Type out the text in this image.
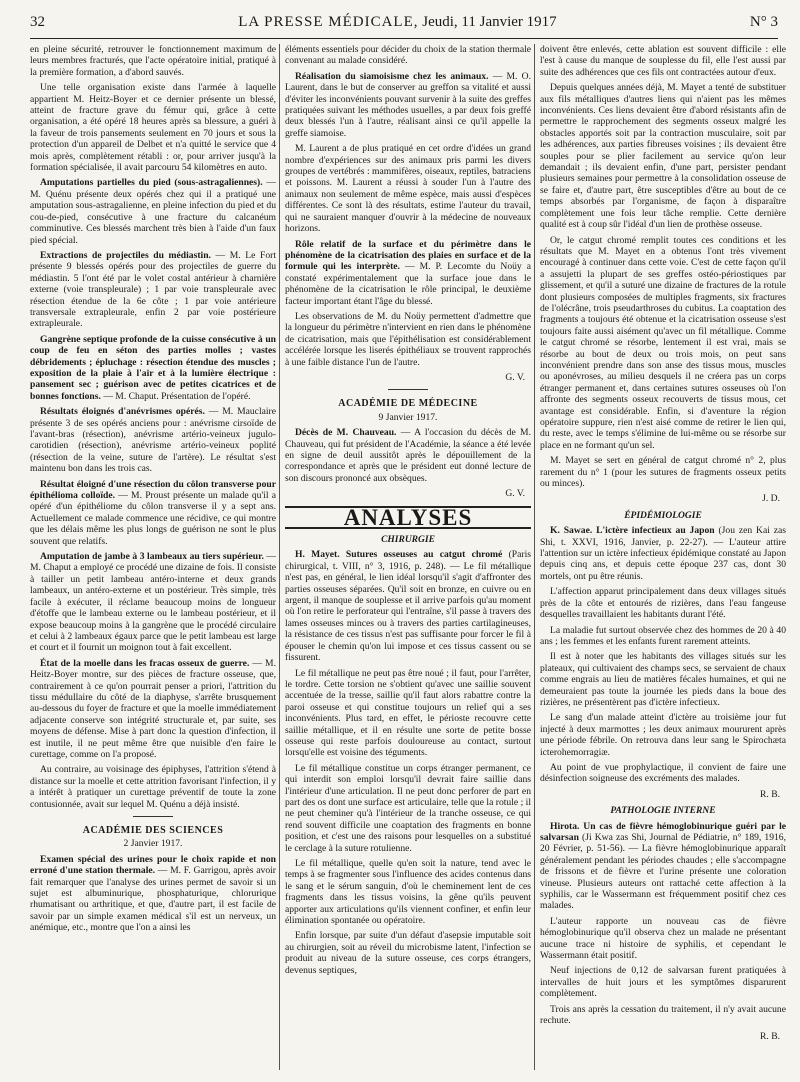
32	LA PRESSE MÉDICALE, Jeudi, 11 Janvier 1917	N° 3

en pleine sécurité, retrouver le fonctionnement maximum de leurs membres fracturés, que l'acte opératoire initial, pratiqué à la première formation, a d'abord sauvés.

Une telle organisation existe dans l'armée à laquelle appartient M. Heitz-Boyer et ce dernier présente un blessé, atteint de fracture grave du fémur qui, grâce à cette organisation, a été opéré 18 heures après sa blessure, a guéri à la faveur de trois pansements seulement en 70 jours et sous la protection d'un appareil de Delbet et n'a quitté le service que 4 mois après, complètement rétabli : or, pour arriver jusqu'à la formation spécialisée, il avait parcouru 54 kilomètres en auto.

Amputations partielles du pied (sous-astragaliennes). — M. Quénu présente deux opérés chez qui il a pratiqué une amputation sous-astragalienne, en pleine infection du pied et du cou-de-pied, consécutive à une fracture du calcanéum comminutive. Ces blessés marchent très bien à l'aide d'un faux pied spécial.

Extractions de projectiles du médiastin. — M. Le Fort présente 9 blessés opérés pour des projectiles de guerre du médiastin. 5 l'ont été par le volet costal antérieur à charnière externe (voie transpleurale) ; 1 par voie transpleurale avec résection étendue de la 6e côte ; 1 par voie antérieure transversale extrapleurale, enfin 2 par voie postérieure extrapleurale.

Gangrène septique profonde de la cuisse consécutive à un coup de feu en séton des parties molles ; vastes débridements ; épluchage : résection étendue des muscles ; exposition de la plaie à l'air et à la lumière électrique : pansement sec ; guérison avec de petites cicatrices et de bonnes fonctions. — M. Chaput. Présentation de l'opéré.

Résultats éloignés d'anévrismes opérés. — M. Mauclaire présente 3 de ses opérés anciens pour : anévrisme cirsoïde de l'avant-bras (résection), anévrisme artério-veineux jugulo-carotidien (résection), anévrisme artério-veineux poplité (résection de la veine, suture de l'artère). Le résultat s'est maintenu bon dans les trois cas.

Résultat éloigné d'une résection du côlon transverse pour épithélioma colloïde. — M. Proust présente un malade qu'il a opéré d'un épithéliome du côlon transverse il y a sept ans. Actuellement ce malade commence une récidive, ce qui montre que les délais même les plus longs de guérison ne sont le plus souvent que relatifs.

Amputation de jambe à 3 lambeaux au tiers supérieur. — M. Chaput a employé ce procédé une dizaine de fois. Il consiste à tailler un petit lambeau antéro-interne et deux grands lambeaux, un antéro-externe et un postérieur. Très simple, très facile à exécuter, il réclame beaucoup moins de longueur d'étoffe que le lambeau externe ou le lambeau postérieur, et il expose beaucoup moins à la gangrène que le procédé circulaire et celui à 2 lambeaux égaux parce que le petit lambeau est large et court et il fournit un moignon tout à fait excellent.

État de la moelle dans les fracas osseux de guerre. — M. Heitz-Boyer montre, sur des pièces de fracture osseuse, que, contrairement à ce qu'on pourrait penser a priori, l'attrition du tissu médullaire du côté de la diaphyse, s'arrête brusquement au-dessous du foyer de fracture et que la moelle immédiatement adjacente conserve son intégrité structurale et, par suite, ses moyens de défense. Mise à part donc la question d'infection, il est inutile, il ne peut même être que nuisible d'en faire le curettage, comme on l'a proposé.

Au contraire, au voisinage des épiphyses, l'attrition s'étend à distance sur la moelle et cette attrition favorisant l'infection, il y a intérêt à pratiquer un curettage préventif de toute la zone contusionnée, avait sur lequel M. Quénu a déjà insisté.

ACADÉMIE DES SCIENCES
2 Janvier 1917.

Examen spécial des urines pour le choix rapide et non erroné d'une station thermale. — M. F. Garrigou, après avoir fait remarquer que l'analyse des urines permet de savoir si un sujet est albuminurique, phosphaturique, chlorurique rhumatisant ou arthritique, et que, d'autre part, il est facile de savoir par un simple examen médical s'il est un nerveux, un anémique, etc., montre que l'on a ainsi les

éléments essentiels pour décider du choix de la station thermale convenant au malade considéré.

Réalisation du siamoisisme chez les animaux. — M. O. Laurent, dans le but de conserver au greffon sa vitalité et aussi d'éviter les inconvénients pouvant survenir à la suite des greffes pratiquées suivant les méthodes usuelles, a par deux fois greffé deux blessés l'un à l'autre, réalisant ainsi ce qu'il appelle la greffe siamoise.

M. Laurent a de plus pratiqué en cet ordre d'idées un grand nombre d'expériences sur des animaux pris parmi les divers groupes de vertébrés : mammifères, oiseaux, reptiles, batraciens et poissons. M. Laurent a réussi à souder l'un à l'autre des animaux non seulement de même espèce, mais aussi d'espèces différentes. Ce sont là des résultats, estime l'auteur du travail, qui ne sauraient manquer d'ouvrir à la médecine de nouveaux horizons.

Rôle relatif de la surface et du périmètre dans le phénomène de la cicatrisation des plaies en surface et de la formule qui les interprète. — M. P. Lecomte du Noüy a constaté expérimentalement que la surface joue dans le phénomène de la cicatrisation le rôle principal, le deuxième facteur important étant l'âge du blessé.

Les observations de M. du Noüy permettent d'admettre que la longueur du périmètre n'intervient en rien dans le phénomène de cicatrisation, mais que l'épithélisation est considérablement accélérée lorsque les liserés épithéliaux se trouvent rapprochés à une faible distance l'un de l'autre.

G. V.
ACADÉMIE DE MÉDECINE
9 Janvier 1917.

Décès de M. Chauveau. — A l'occasion du décès de M. Chauveau, qui fut président de l'Académie, la séance a été levée en signe de deuil aussitôt après le dépouillement de la correspondance et après que le président eut donné lecture de son discours prononcé aux obsèques.

G. V.
ANALYSES
CHIRURGIE

H. Mayet. Sutures osseuses au catgut chromé (Paris chirurgical, t. VIII, n° 3, 1916, p. 248). — Le fil métallique n'est pas, en général, le lien idéal lorsqu'il s'agit d'affronter des parties osseuses séparées. Qu'il soit en bronze, en cuivre ou en argent, il manque de souplesse et il arrive parfois qu'au moment où l'on retire le perforateur qui l'entraîne, s'il passe à travers des lames osseuses minces ou à travers des parties cartilagineuses, la résistance de ces tissus n'est pas suffisante pour forcer le fil à épouser le chemin qu'on lui impose et ces tissus cassent ou se fissurent.

Le fil métallique ne peut pas être noué ; il faut, pour l'arrêter, le tordre. Cette torsion ne s'obtient qu'avec une saillie souvent accentuée de la tresse, saillie qu'il faut alors rabattre contre la paroi osseuse et qui constitue toujours un relief qui a ses inconvénients. Plus tard, en effet, le périoste recouvre cette saillie métallique, et il en résulte une sorte de petite bosse osseuse qui reste parfois douloureuse au contact, surtout lorsqu'elle est voisine des téguments.

Le fil métallique constitue un corps étranger permanent, ce qui interdit son emploi lorsqu'il devrait faire saillie dans l'intérieur d'une articulation. Il ne peut donc perforer de part en part des os dont une surface est articulaire, telle que la rotule ; il ne peut cheminer qu'à l'intérieur de la tranche osseuse, ce qui rend souvent difficile une coaptation des fragments en bonne position, et c'est une des raisons pour lesquelles on a substitué le cerclage à la suture rotulienne.

Le fil métallique, quelle qu'en soit la nature, tend avec le temps à se fragmenter sous l'influence des acides contenus dans le sang et le sérum sanguin, d'où le cheminement lent de ces fragments dans les tissus voisins, la gêne qu'ils peuvent apporter aux articulations qu'ils viennent confiner, et enfin leur élimination spontanée ou opératoire.

Enfin lorsque, par suite d'un défaut d'asepsie imputable soit au chirurgien, soit au réveil du microbisme latent, l'infection se produit au niveau de la suture osseuse, ces corps étrangers, devenus septiques,

doivent être enlevés, cette ablation est souvent difficile : elle l'est à cause du manque de souplesse du fil, elle l'est aussi par suite des adhérences que ces fils ont contractées autour d'eux.

Depuis quelques années déjà, M. Mayet a tenté de substituer aux fils métalliques d'autres liens qui n'aient pas les mêmes inconvénients. Ces liens devaient être d'abord résistants afin de permettre le rapprochement des segments osseux malgré les obstacles apportés soit par la contraction musculaire, soit par les adhérences, aux parties fibreuses voisines ; ils devaient être souples pour se plier facilement au service qu'on leur demandait ; ils devaient enfin, d'une part, persister pendant plusieurs semaines pour permettre à la consolidation osseuse de se faire et, d'autre part, être susceptibles d'être au bout de ce temps absorbés par l'organisme, de façon à disparaître complètement une fois leur tâche remplie. Cette dernière qualité est à coup sûr l'idéal d'un lien de prothèse osseuse.

Or, le catgut chromé remplit toutes ces conditions et les résultats que M. Mayet en a obtenus l'ont très vivement encouragé à continuer dans cette voie. C'est de cette façon qu'il a assujetti la plupart de ses greffes ostéo-périostiques par glissement, et qu'il a suturé une dizaine de fractures de la rotule dont plusieurs composées de multiples fragments, six fractures de l'olécrâne, trois pseudarthroses du cubitus. La coaptation des fragments a toujours été obtenue et la cicatrisation osseuse s'est toujours faite aussi aisément qu'avec un fil métallique. Comme le catgut chromé se résorbe, lentement il est vrai, mais se résorbe au bout de deux ou trois mois, on peut sans inconvénient prendre dans son anse des tissus mous, muscles ou aponévroses, au milieu desquels il ne créera pas un corps étranger permanent et, dans certaines sutures osseuses où l'on affronte des segments osseux recouverts de tissus mous, cet avantage est considérable. Enfin, si d'aventure la région opératoire suppure, rien n'est aisé comme de retirer le lien qui, du reste, avec le temps s'élimine de lui-même ou se résorbe sur place en ne formant qu'un sel.

M. Mayet se sert en général de catgut chromé n° 2, plus rarement du n° 1 (pour les sutures de fragments osseux petits ou minces).

J. D.
ÉPIDÉMIOLOGIE

K. Sawae. L'ictère infectieux au Japon (Jou zen Kai zas Shi, t. XXVI, 1916, Janvier, p. 22-27). — L'auteur attire l'attention sur un ictère infectieux épidémique constaté au Japon depuis cinq ans, et depuis cette époque 237 cas, dont 30 mortels, ont pu être réunis.

L'affection apparut principalement dans deux villages situés près de la côte et entourés de rizières, dans l'eau fangeuse desquelles travaillaient les habitants durant l'été.

La maladie fut surtout observée chez des hommes de 20 à 40 ans ; les femmes et les enfants furent rarement atteints.

Il est à noter que les habitants des villages situés sur les plateaux, qui cultivaient des champs secs, se servaient de chaux comme engrais au lieu de matières fécales humaines, et qui ne demeuraient pas toute la journée les pieds dans la boue des rizières, ne présentèrent pas d'ictère infectieux.

Le sang d'un malade atteint d'ictère au troisième jour fut injecté à deux marmottes ; les deux animaux moururent après une période fébrile. On retrouva dans leur sang le Spirochæta icterohemorragiæ.

Au point de vue prophylactique, il convient de faire une désinfection soigneuse des excréments des malades.

R. B.
PATHOLOGIE INTERNE

Hirota. Un cas de fièvre hémoglobinurique guéri par le salvarsan (Ji Kwa zas Shi, Journal de Pédiatrie, n° 189, 1916, 20 Février, p. 51-56). — La fièvre hémoglobinurique apparaît généralement pendant les périodes chaudes ; elle s'accompagne de frissons et de fièvre et l'urine présente une coloration vineuse. Plusieurs auteurs ont rattaché cette affection à la syphilis, car le Wassermann est fréquemment positif chez ces malades.

L'auteur rapporte un nouveau cas de fièvre hémoglobinurique qu'il observa chez un malade ne présentant aucune trace ni histoire de syphilis, et cependant le Wassermann était positif.

Neuf injections de 0,12 de salvarsan furent pratiquées à intervalles de huit jours et les symptômes disparurent complètement.

Trois ans après la cessation du traitement, il n'y avait aucune rechute.

R. B.
